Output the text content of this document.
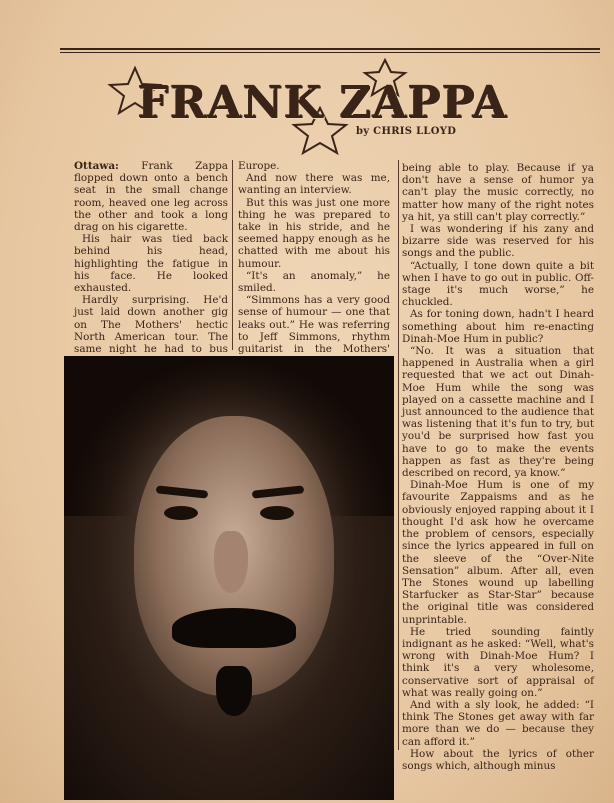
FRANK ZAPPA
by CHRIS LLOYD

Ottawa: Frank Zappa flopped down onto a bench seat in the small change room, heaved one leg across the other and took a long drag on his cigarette.

His hair was tied back behind his head, highlighting the fatigue in his face. He looked exhausted.

Hardly surprising. He'd just laid down another gig on The Mothers' hectic North American tour. The same night he had to bus

Europe.

And now there was me, wanting an interview.

But this was just one more thing he was prepared to take in his stride, and he seemed happy enough as he chatted with me about his humour.

“It's an anomaly,” he smiled.

“Simmons has a very good sense of humour — one that leaks out.” He was referring to Jeff Simmons, rhythm guitarist in the Mothers'

being able to play. Because if ya don't have a sense of humor ya can't play the music correctly, no matter how many of the right notes ya hit, ya still can't play correctly.”

I was wondering if his zany and bizarre side was reserved for his songs and the public.

“Actually, I tone down quite a bit when I have to go out in public. Off-stage it's much worse,” he chuckled.

As for toning down, hadn't I heard something about him re-enacting Dinah-Moe Hum in public?

“No. It was a situation that happened in Australia when a girl requested that we act out Dinah-Moe Hum while the song was played on a cassette machine and I just announced to the audience that was listening that it's fun to try, but you'd be surprised how fast you have to go to make the events happen as fast as they're being described on record, ya know.”

Dinah-Moe Hum is one of my favourite Zappaisms and as he obviously enjoyed rapping about it I thought I'd ask how he overcame the problem of censors, especially since the lyrics appeared in full on the sleeve of the “Over-Nite Sensation” album. After all, even The Stones wound up labelling Starfucker as Star-Star” because the original title was considered unprintable.

He tried sounding faintly indignant as he asked: “Well, what's wrong with Dinah-Moe Hum? I think it's a very wholesome, conservative sort of appraisal of what was really going on.”

And with a sly look, he added: “I think The Stones get away with far more than we do — because they can afford it.”

How about the lyrics of other songs which, although minus
